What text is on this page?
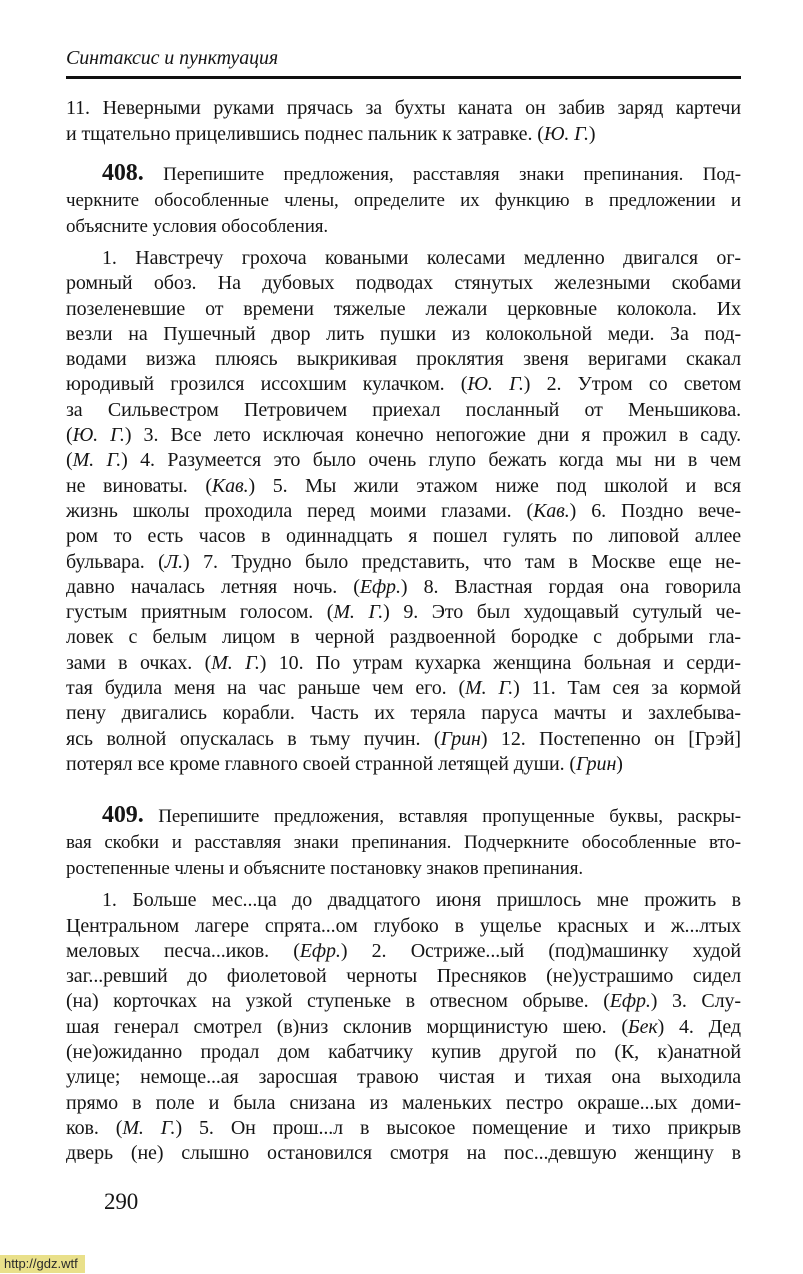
Синтаксис и пунктуация
11. Неверными руками прячась за бухты каната он забив заряд картечи
и тщательно прицелившись поднес пальник к затравке. (Ю. Г.)
408. Перепишите предложения, расставляя знаки препинания. Под-
черкните обособленные члены, определите их функцию в предложении и
объясните условия обособления.
1. Навстречу грохоча коваными колесами медленно двигался ог-
ромный обоз. На дубовых подводах стянутых железными скобами
позеленевшие от времени тяжелые лежали церковные колокола. Их
везли на Пушечный двор лить пушки из колокольной меди. За под-
водами визжа плюясь выкрикивая проклятия звеня веригами скакал
юродивый грозился иссохшим кулачком. (Ю. Г.) 2. Утром со светом
за Сильвестром Петровичем приехал посланный от Меньшикова.
(Ю. Г.) 3. Все лето исключая конечно непогожие дни я прожил в саду.
(М. Г.) 4. Разумеется это было очень глупо бежать когда мы ни в чем
не виноваты. (Кав.) 5. Мы жили этажом ниже под школой и вся
жизнь школы проходила перед моими глазами. (Кав.) 6. Поздно вече-
ром то есть часов в одиннадцать я пошел гулять по липовой аллее
бульвара. (Л.) 7. Трудно было представить, что там в Москве еще не-
давно началась летняя ночь. (Ефр.) 8. Властная гордая она говорила
густым приятным голосом. (М. Г.) 9. Это был худощавый сутулый че-
ловек с белым лицом в черной раздвоенной бородке с добрыми гла-
зами в очках. (М. Г.) 10. По утрам кухарка женщина больная и серди-
тая будила меня на час раньше чем его. (М. Г.) 11. Там сея за кормой
пену двигались корабли. Часть их теряла паруса мачты и захлебыва-
ясь волной опускалась в тьму пучин. (Грин) 12. Постепенно он [Грэй]
потерял все кроме главного своей странной летящей души. (Грин)
409. Перепишите предложения, вставляя пропущенные буквы, раскры-
вая скобки и расставляя знаки препинания. Подчеркните обособленные вто-
ростепенные члены и объясните постановку знаков препинания.
1. Больше мес...ца до двадцатого июня пришлось мне прожить в
Центральном лагере спрята...ом глубоко в ущелье красных и ж...лтых
меловых песча...иков. (Ефр.) 2. Остриже...ый (под)машинку худой
заг...ревший до фиолетовой черноты Пресняков (не)устрашимо сидел
(на) корточках на узкой ступеньке в отвесном обрыве. (Ефр.) 3. Слу-
шая генерал смотрел (в)низ склонив морщинистую шею. (Бек) 4. Дед
(не)ожиданно продал дом кабатчику купив другой по (К, к)анатной
улице; немоще...ая заросшая травою чистая и тихая она выходила
прямо в поле и была снизана из маленьких пестро окраше...ых доми-
ков. (М. Г.) 5. Он прош...л в высокое помещение и тихо прикрыв
дверь (не) слышно остановился смотря на пос...девшую женщину в
290
http://gdz.wtf
